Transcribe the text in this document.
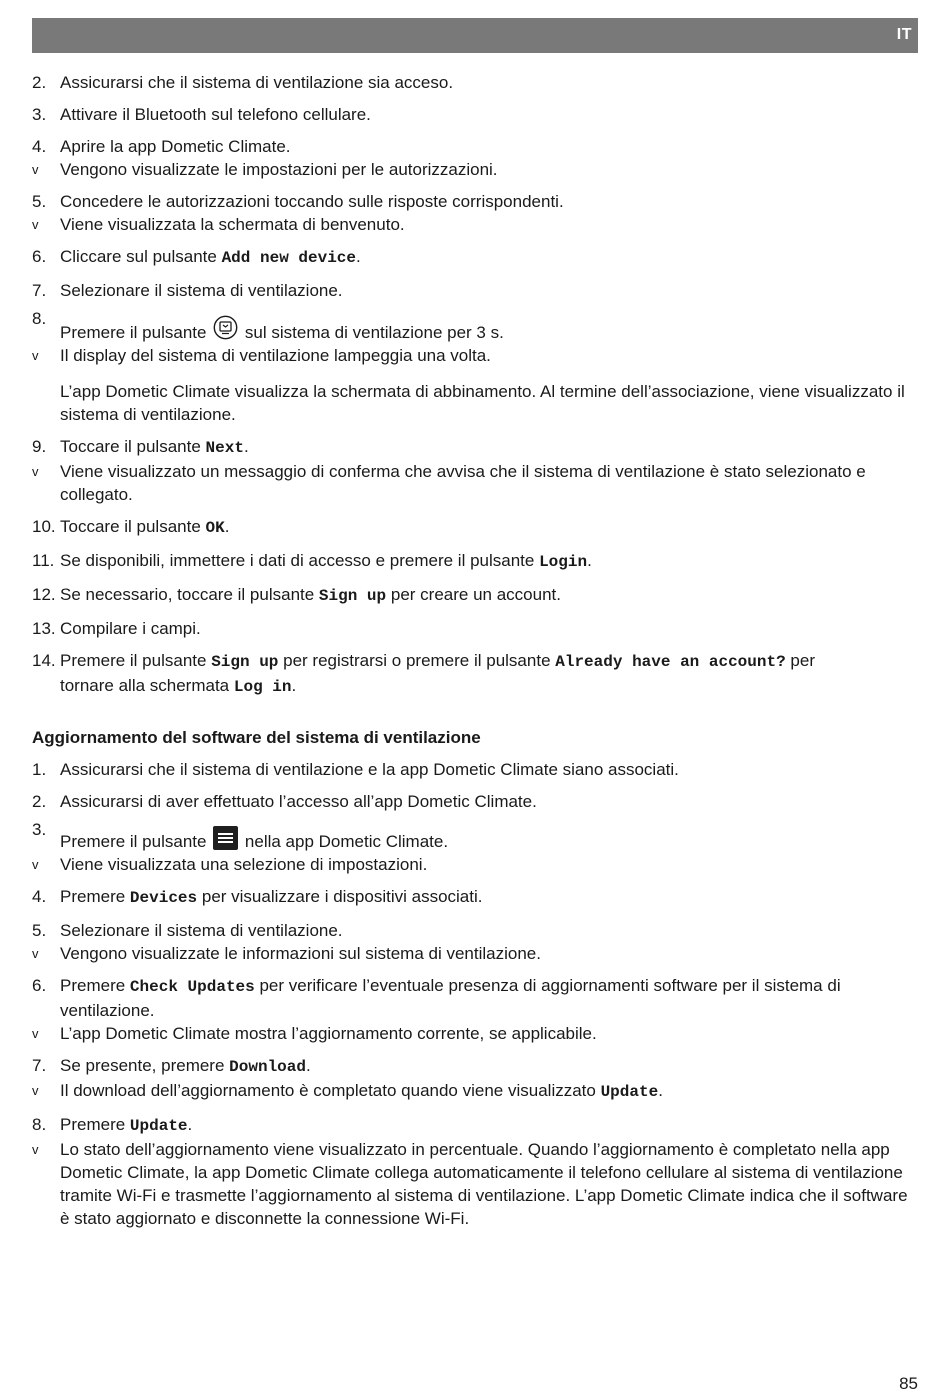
IT
2. Assicurarsi che il sistema di ventilazione sia acceso.
3. Attivare il Bluetooth sul telefono cellulare.
4. Aprire la app Dometic Climate.
v Vengono visualizzate le impostazioni per le autorizzazioni.
5. Concedere le autorizzazioni toccando sulle risposte corrispondenti.
v Viene visualizzata la schermata di benvenuto.
6. Cliccare sul pulsante Add new device.
7. Selezionare il sistema di ventilazione.
8.
Premere il pulsante  sul sistema di ventilazione per 3 s.
v Il display del sistema di ventilazione lampeggia una volta.
L’app Dometic Climate visualizza la schermata di abbinamento. Al termine dell’associazione, viene visualizzato il sistema di ventilazione.
9. Toccare il pulsante Next.
v Viene visualizzato un messaggio di conferma che avvisa che il sistema di ventilazione è stato selezionato e collegato.
10. Toccare il pulsante OK.
11. Se disponibili, immettere i dati di accesso e premere il pulsante Login.
12. Se necessario, toccare il pulsante Sign up per creare un account.
13. Compilare i campi.
14. Premere il pulsante Sign up per registrarsi o premere il pulsante Already have an account? per
tornare alla schermata Log in.
Aggiornamento del software del sistema di ventilazione
1. Assicurarsi che il sistema di ventilazione e la app Dometic Climate siano associati.
2. Assicurarsi di aver effettuato l’accesso all’app Dometic Climate.
3.
Premere il pulsante
nella app Dometic Climate.
v Viene visualizzata una selezione di impostazioni.
4. Premere Devices per visualizzare i dispositivi associati.
5. Selezionare il sistema di ventilazione.
v Vengono visualizzate le informazioni sul sistema di ventilazione.
6. Premere Check Updates per verificare l’eventuale presenza di aggiornamenti software per il sistema di
ventilazione.
v L’app Dometic Climate mostra l’aggiornamento corrente, se applicabile.
7. Se presente, premere Download.
v Il download dell’aggiornamento è completato quando viene visualizzato Update.
8. Premere Update.
v Lo stato dell’aggiornamento viene visualizzato in percentuale. Quando l’aggiornamento è completato nella app Dometic Climate, la app Dometic Climate collega automaticamente il telefono cellulare al sistema di ventilazione tramite Wi-Fi e trasmette l’aggiornamento al sistema di ventilazione. L’app Dometic Climate indica che il software è stato aggiornato e disconnette la connessione Wi-Fi.
85
